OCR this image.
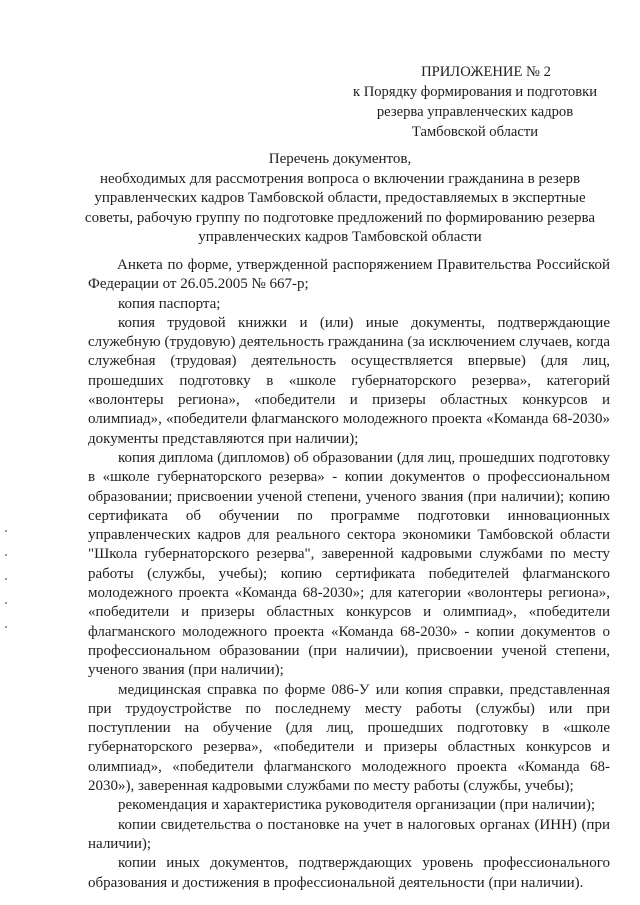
ПРИЛОЖЕНИЕ № 2
к Порядку формирования и подготовки
резерва управленческих кадров
Тамбовской области
Перечень документов,
необходимых для рассмотрения вопроса о включении гражданина в резерв
управленческих кадров Тамбовской области, предоставляемых в экспертные
советы, рабочую группу по подготовке предложений по формированию резерва
управленческих кадров Тамбовской области

Анкета по форме, утвержденной распоряжением Правительства Российской Федерации от 26.05.2005 № 667-р;

копия паспорта;

копия трудовой книжки и (или) иные документы, подтверждающие служебную (трудовую) деятельность гражданина (за исключением случаев, когда служебная (трудовая) деятельность осуществляется впервые) (для лиц, прошедших подготовку в «школе губернаторского резерва», категорий «волонтеры региона», «победители и призеры областных конкурсов и олимпиад», «победители флагманского молодежного проекта «Команда 68-2030» документы представляются при наличии);

копия диплома (дипломов) об образовании (для лиц, прошедших подготовку в «школе губернаторского резерва» - копии документов о профессиональном образовании; присвоении ученой степени, ученого звания (при наличии); копию сертификата об обучении по программе подготовки инновационных управленческих кадров для реального сектора экономики Тамбовской области "Школа губернаторского резерва", заверенной кадровыми службами по месту работы (службы, учебы); копию сертификата победителей флагманского молодежного проекта «Команда 68-2030»; для категории «волонтеры региона», «победители и призеры областных конкурсов и олимпиад», «победители флагманского молодежного проекта «Команда 68-2030» - копии документов о профессиональном образовании (при наличии), присвоении ученой степени, ученого звания (при наличии);

медицинская справка по форме 086-У или копия справки, представленная при трудоустройстве по последнему месту работы (службы) или при поступлении на обучение (для лиц, прошедших подготовку в «школе губернаторского резерва», «победители и призеры областных конкурсов и олимпиад», «победители флагманского молодежного проекта «Команда 68-2030»), заверенная кадровыми службами по месту работы (службы, учебы);

рекомендация и характеристика руководителя организации (при наличии);

копии свидетельства о постановке на учет в налоговых органах (ИНН) (при наличии);

копии иных документов, подтверждающих уровень профессионального образования и достижения в профессиональной деятельности (при наличии).
